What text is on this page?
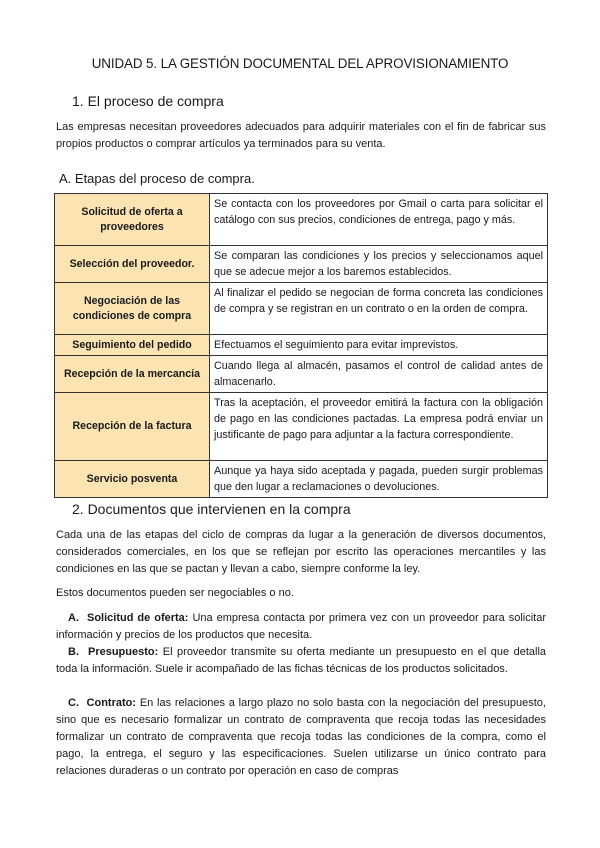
UNIDAD 5. LA GESTIÓN DOCUMENTAL DEL APROVISIONAMIENTO
1. El proceso de compra
Las empresas necesitan proveedores adecuados para adquirir materiales con el fin de fabricar sus propios productos o comprar artículos ya terminados para su venta.
A. Etapas del proceso de compra.
Solicitud de oferta a proveedores	Se contacta con los proveedores por Gmail o carta para solicitar el catálogo con sus precios, condiciones de entrega, pago y más.
Selección del proveedor.	Se comparan las condiciones y los precios y seleccionamos aquel que se adecue mejor a los baremos establecidos.
Negociación de las condiciones de compra	Al finalizar el pedido se negocian de forma concreta las condiciones de compra y se registran en un contrato o en la orden de compra.
Seguimiento del pedido	Efectuamos el seguimiento para evitar imprevistos.
Recepción de la mercancía	Cuando llega al almacén, pasamos el control de calidad antes de almacenarlo.
Recepción de la factura	Tras la aceptación, el proveedor emitirá la factura con la obligación de pago en las condiciones pactadas. La empresa podrá enviar un justificante de pago para adjuntar a la factura correspondiente.
Servicio posventa	Aunque ya haya sido aceptada y pagada, pueden surgir problemas que den lugar a reclamaciones o devoluciones.
2. Documentos que intervienen en la compra
Cada una de las etapas del ciclo de compras da lugar a la generación de diversos documentos, considerados comerciales, en los que se reflejan por escrito las operaciones mercantiles y las condiciones en las que se pactan y llevan a cabo, siempre conforme la ley.
Estos documentos pueden ser negociables o no.
A. Solicitud de oferta: Una empresa contacta por primera vez con un proveedor para solicitar información y precios de los productos que necesita.
B. Presupuesto: El proveedor transmite su oferta mediante un presupuesto en el que detalla toda la información. Suele ir acompañado de las fichas técnicas de los productos solicitados.
C. Contrato: En las relaciones a largo plazo no solo basta con la negociación del presupuesto, sino que es necesario formalizar un contrato de compraventa que recoja todas las necesidades formalizar un contrato de compraventa que recoja todas las condiciones de la compra, como el pago, la entrega, el seguro y las especificaciones. Suelen utilizarse un único contrato para relaciones duraderas o un contrato por operación en caso de compras
